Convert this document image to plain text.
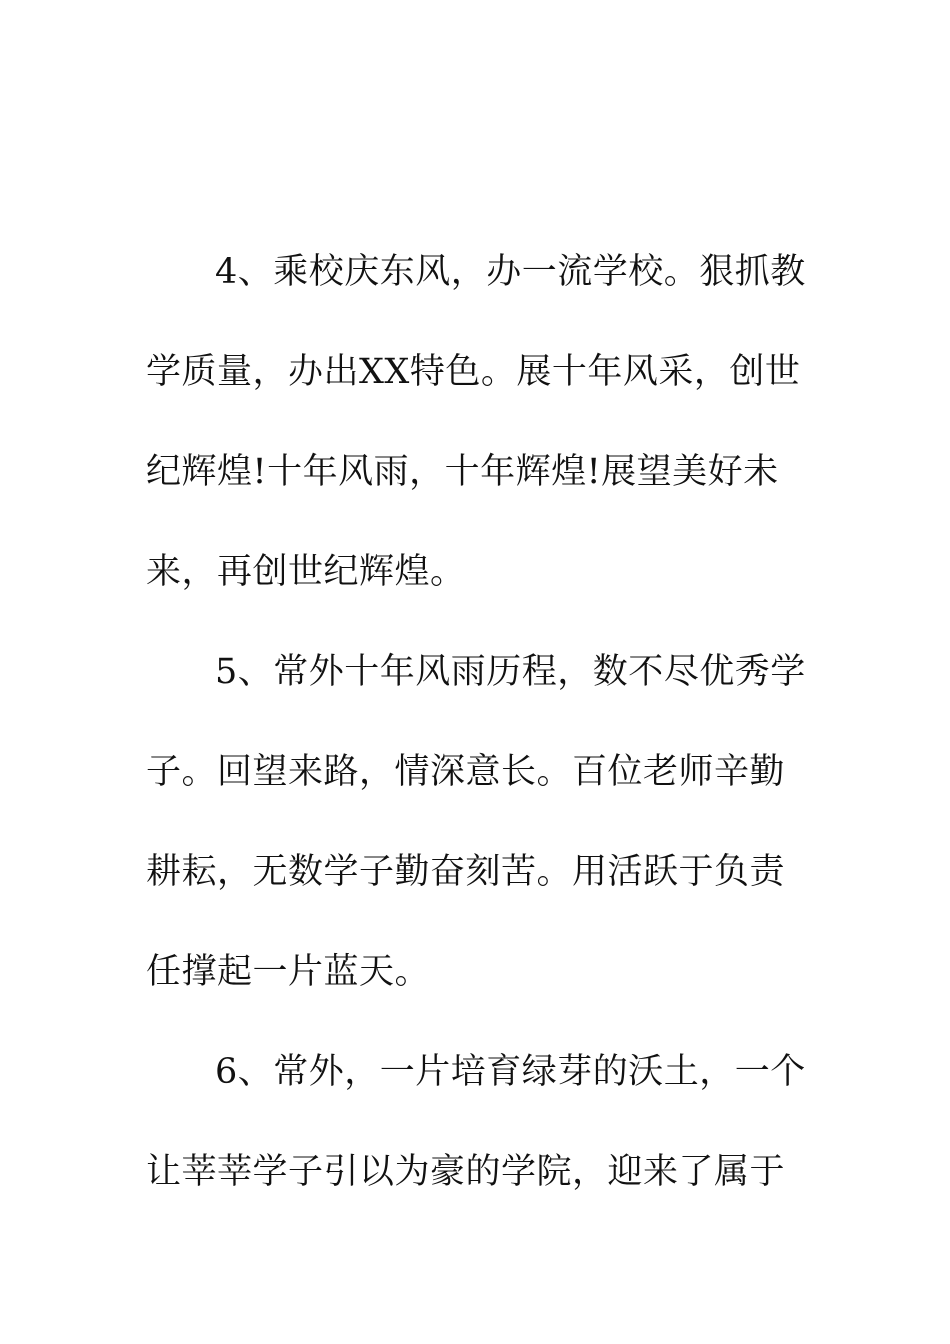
4、乘校庆东风，办一流学校。狠抓教
学质量，办出XX特色。展十年风采，创世
纪辉煌!十年风雨，十年辉煌!展望美好未
来，再创世纪辉煌。
5、常外十年风雨历程，数不尽优秀学
子。回望来路，情深意长。百位老师辛勤
耕耘，无数学子勤奋刻苦。用活跃于负责
任撑起一片蓝天。
6、常外，一片培育绿芽的沃土，一个
让莘莘学子引以为豪的学院，迎来了属于
